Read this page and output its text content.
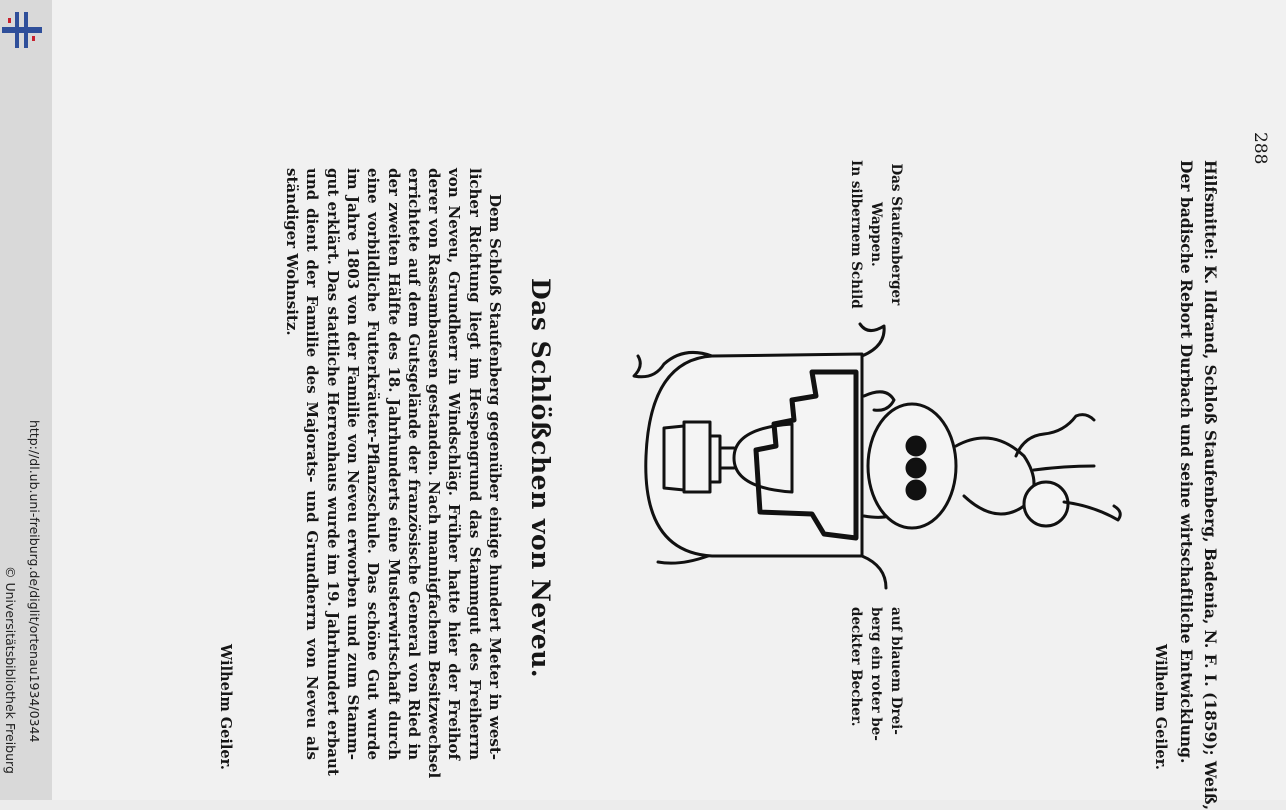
http://dl.ub.uni-freiburg.de/diglit/ortenau1934/0344
© Universitätsbibliothek Freiburg
288
Hilfsmittel: K. Ildrand, Schloß Staufenberg, Badenia, N. F. I. (1859); Weiß,
Der badische Rebort Durbach und seine wirtschaftliche Entwicklung.
Wilhelm Geiler.
Das Staufenberger
Wappen.
In silbernem Schild
auf blauem Drei-
berg ein roter be-
deckter Becher.
Das Schlößchen von Neveu.
Dem Schloß Staufenberg gegenüber einige hundert Meter in west-
licher Richtung liegt im Hespengrund das Stammgut des Freiherrn
von Neveu, Grundherr in Windschläg. Früher hatte hier der Freihof
derer von Rassambausen gestanden. Nach mannigfachem Besitzwechsel
errichtete auf dem Gutsgelände der französische General von Ried in
der zweiten Hälfte des 18. Jahrhunderts eine Musterwirtschaft durch
eine vorbildliche Futterkräuter-Pflanzschule. Das schöne Gut wurde
im Jahre 1803 von der Familie von Neveu erworben und zum Stamm-
gut erklärt. Das stattliche Herrenhaus wurde im 19. Jahrhundert erbaut
und dient der Familie des Majorats- und Grundherrn von Neveu als
ständiger Wohnsitz.
Wilhelm Geiler.
